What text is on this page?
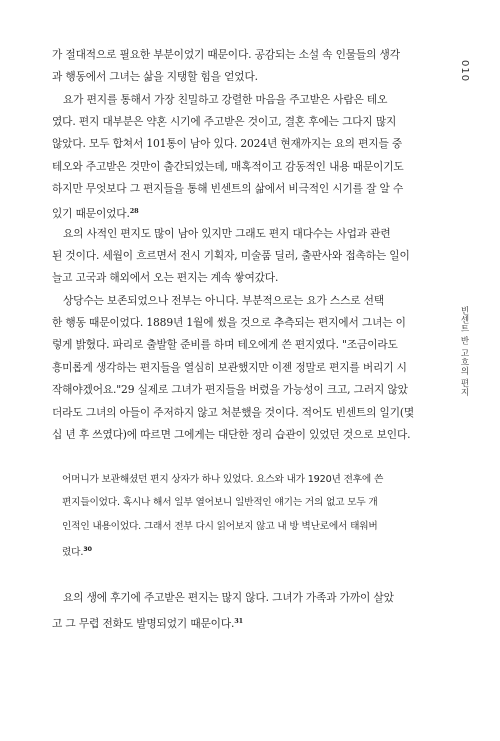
010
빈센트 반 고흐의 편지

가 절대적으로 필요한 부분이었기 때문이다. 공감되는 소설 속 인물들의 생각
과 행동에서 그녀는 삶을 지탱할 힘을 얻었다.

요가 편지를 통해서 가장 친밀하고 강렬한 마음을 주고받은 사람은 테오
였다. 편지 대부분은 약혼 시기에 주고받은 것이고, 결혼 후에는 그다지 많지
않았다. 모두 합쳐서 101통이 남아 있다. 2024년 현재까지는 요의 편지들 중
테오와 주고받은 것만이 출간되었는데, 매혹적이고 감동적인 내용 때문이기도
하지만 무엇보다 그 편지들을 통해 빈센트의 삶에서 비극적인 시기를 잘 알 수
있기 때문이었다.$^{28}$

요의 사적인 편지도 많이 남아 있지만 그래도 편지 대다수는 사업과 관련
된 것이다. 세월이 흐르면서 전시 기획자, 미술품 딜러, 출판사와 접촉하는 일이
늘고 고국과 해외에서 오는 편지는 계속 쌓여갔다.

상당수는 보존되었으나 전부는 아니다. 부분적으로는 요가 스스로 선택
한 행동 때문이었다. 1889년 1월에 썼을 것으로 추측되는 편지에서 그녀는 이
렇게 밝혔다. 파리로 출발할 준비를 하며 테오에게 쓴 편지였다. "조금이라도
흥미롭게 생각하는 편지들을 열심히 보관했지만 이젠 정말로 편지를 버리기 시
작해야겠어요."29 실제로 그녀가 편지들을 버렸을 가능성이 크고, 그러지 않았
더라도 그녀의 아들이 주저하지 않고 처분했을 것이다. 적어도 빈센트의 일기(몇
십 년 후 쓰였다)에 따르면 그에게는 대단한 정리 습관이 있었던 것으로 보인다.

어머니가 보관해셨던 편지 상자가 하나 있었다. 요스와 내가 1920년 전후에 쓴
편지들이었다. 혹시나 해서 일부 열어보니 일반적인 얘기는 거의 없고 모두 개
인적인 내용이었다. 그래서 전부 다시 읽어보지 않고 내 방 벽난로에서 태워버
렸다.$^{30}$

요의 생에 후기에 주고받은 편지는 많지 않다. 그녀가 가족과 가까이 살았
고 그 무렵 전화도 발명되었기 때문이다.$^{31}$
